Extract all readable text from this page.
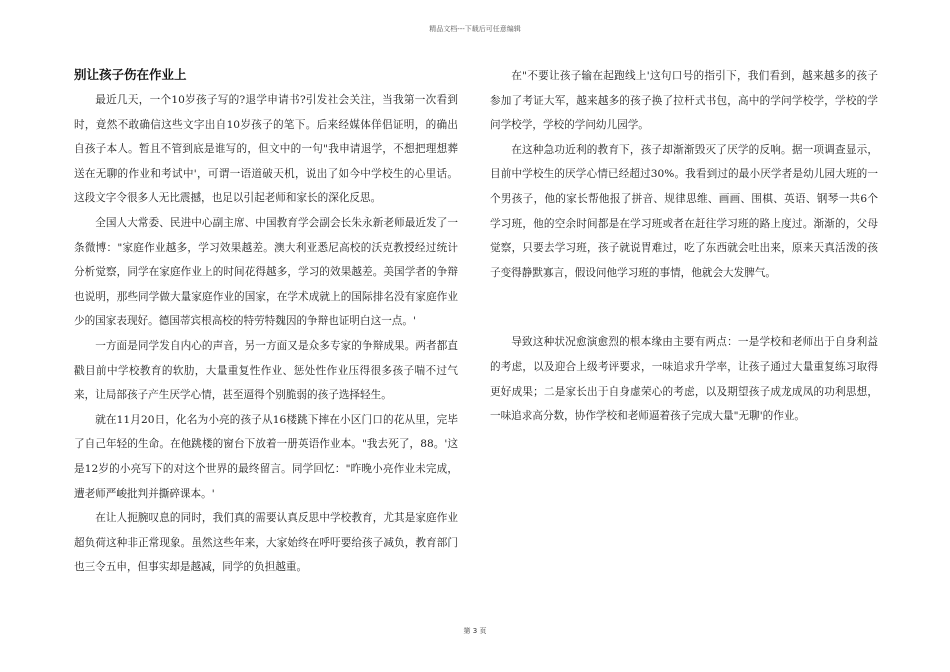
精品文档---下载后可任意编辑
别让孩子伤在作业上

最近几天，一个10岁孩子写的?退学申请书?引发社会关注，当我第一次看到时，竟然不敢确信这些文字出自10岁孩子的笔下。后来经媒体佯侣证明，的确出自孩子本人。暂且不管到底是谁写的，但文中的一句"我申请退学，不想把理想葬送在无聊的作业和考试中'，可谓一语道破天机，说出了如今中学校生的心里话。这段文字令很多人无比震撼，也足以引起老师和家长的深化反思。

全国人大常委、民进中心副主席、中国教育学会副会长朱永新老师最近发了一条微博："家庭作业越多，学习效果越差。澳大利亚悉尼高校的沃克教授经过统计分析觉察，同学在家庭作业上的时间花得越多，学习的效果越差。美国学者的争辩也说明，那些同学做大量家庭作业的国家，在学术成就上的国际排名没有家庭作业少的国家表现好。德国蒂宾根高校的特劳特魏因的争辩也证明白这一点。'

一方面是同学发自内心的声音，另一方面又是众多专家的争辩成果。两者都直戳目前中学校教育的软肋，大量重复性作业、惩处性作业压得很多孩子喘不过气来，让局部孩子产生厌学心情，甚至逼得个别脆弱的孩子选择轻生。

就在11月20日，化名为小亮的孩子从16楼跳下摔在小区门口的花从里，完毕了自己年轻的生命。在他跳楼的窗台下放着一册英语作业本。"我去死了，88。'这是12岁的小亮写下的对这个世界的最终留言。同学回忆："昨晚小亮作业未完成，遭老师严峻批判并撕碎课本。'

在让人扼腕叹息的同时，我们真的需要认真反思中学校教育，尤其是家庭作业超负荷这种非正常现象。虽然这些年来，大家始终在呼吁要给孩子减负，教育部门也三令五申，但事实却是越减，同学的负担越重。

在"不要让孩子输在起跑线上'这句口号的指引下，我们看到，越来越多的孩子参加了考证大军，越来越多的孩子换了拉杆式书包，高中的学问学校学，学校的学问学校学，学校的学问幼儿园学。

在这种急功近利的教育下，孩子却渐渐毁灭了厌学的反响。据一项调查显示，目前中学校生的厌学心情已经超过30%。我看到过的最小厌学者是幼儿园大班的一个男孩子，他的家长帮他报了拼音、规律思维、画画、围棋、英语、钢琴一共6个学习班，他的空余时间都是在学习班或者在赶往学习班的路上度过。渐渐的，父母觉察，只要去学习班，孩子就说胃难过，吃了东西就会吐出来，原来天真活泼的孩子变得静默寡言，假设问他学习班的事情，他就会大发脾气。

导致这种状况愈演愈烈的根本缘由主要有两点：一是学校和老师出于自身利益的考虑，以及迎合上级考评要求，一味追求升学率，让孩子通过大量重复练习取得更好成果；二是家长出于自身虚荣心的考虑，以及期望孩子成龙成凤的功利思想，一味追求高分数，协作学校和老师逼着孩子完成大量"无聊'的作业。

第 3 页
